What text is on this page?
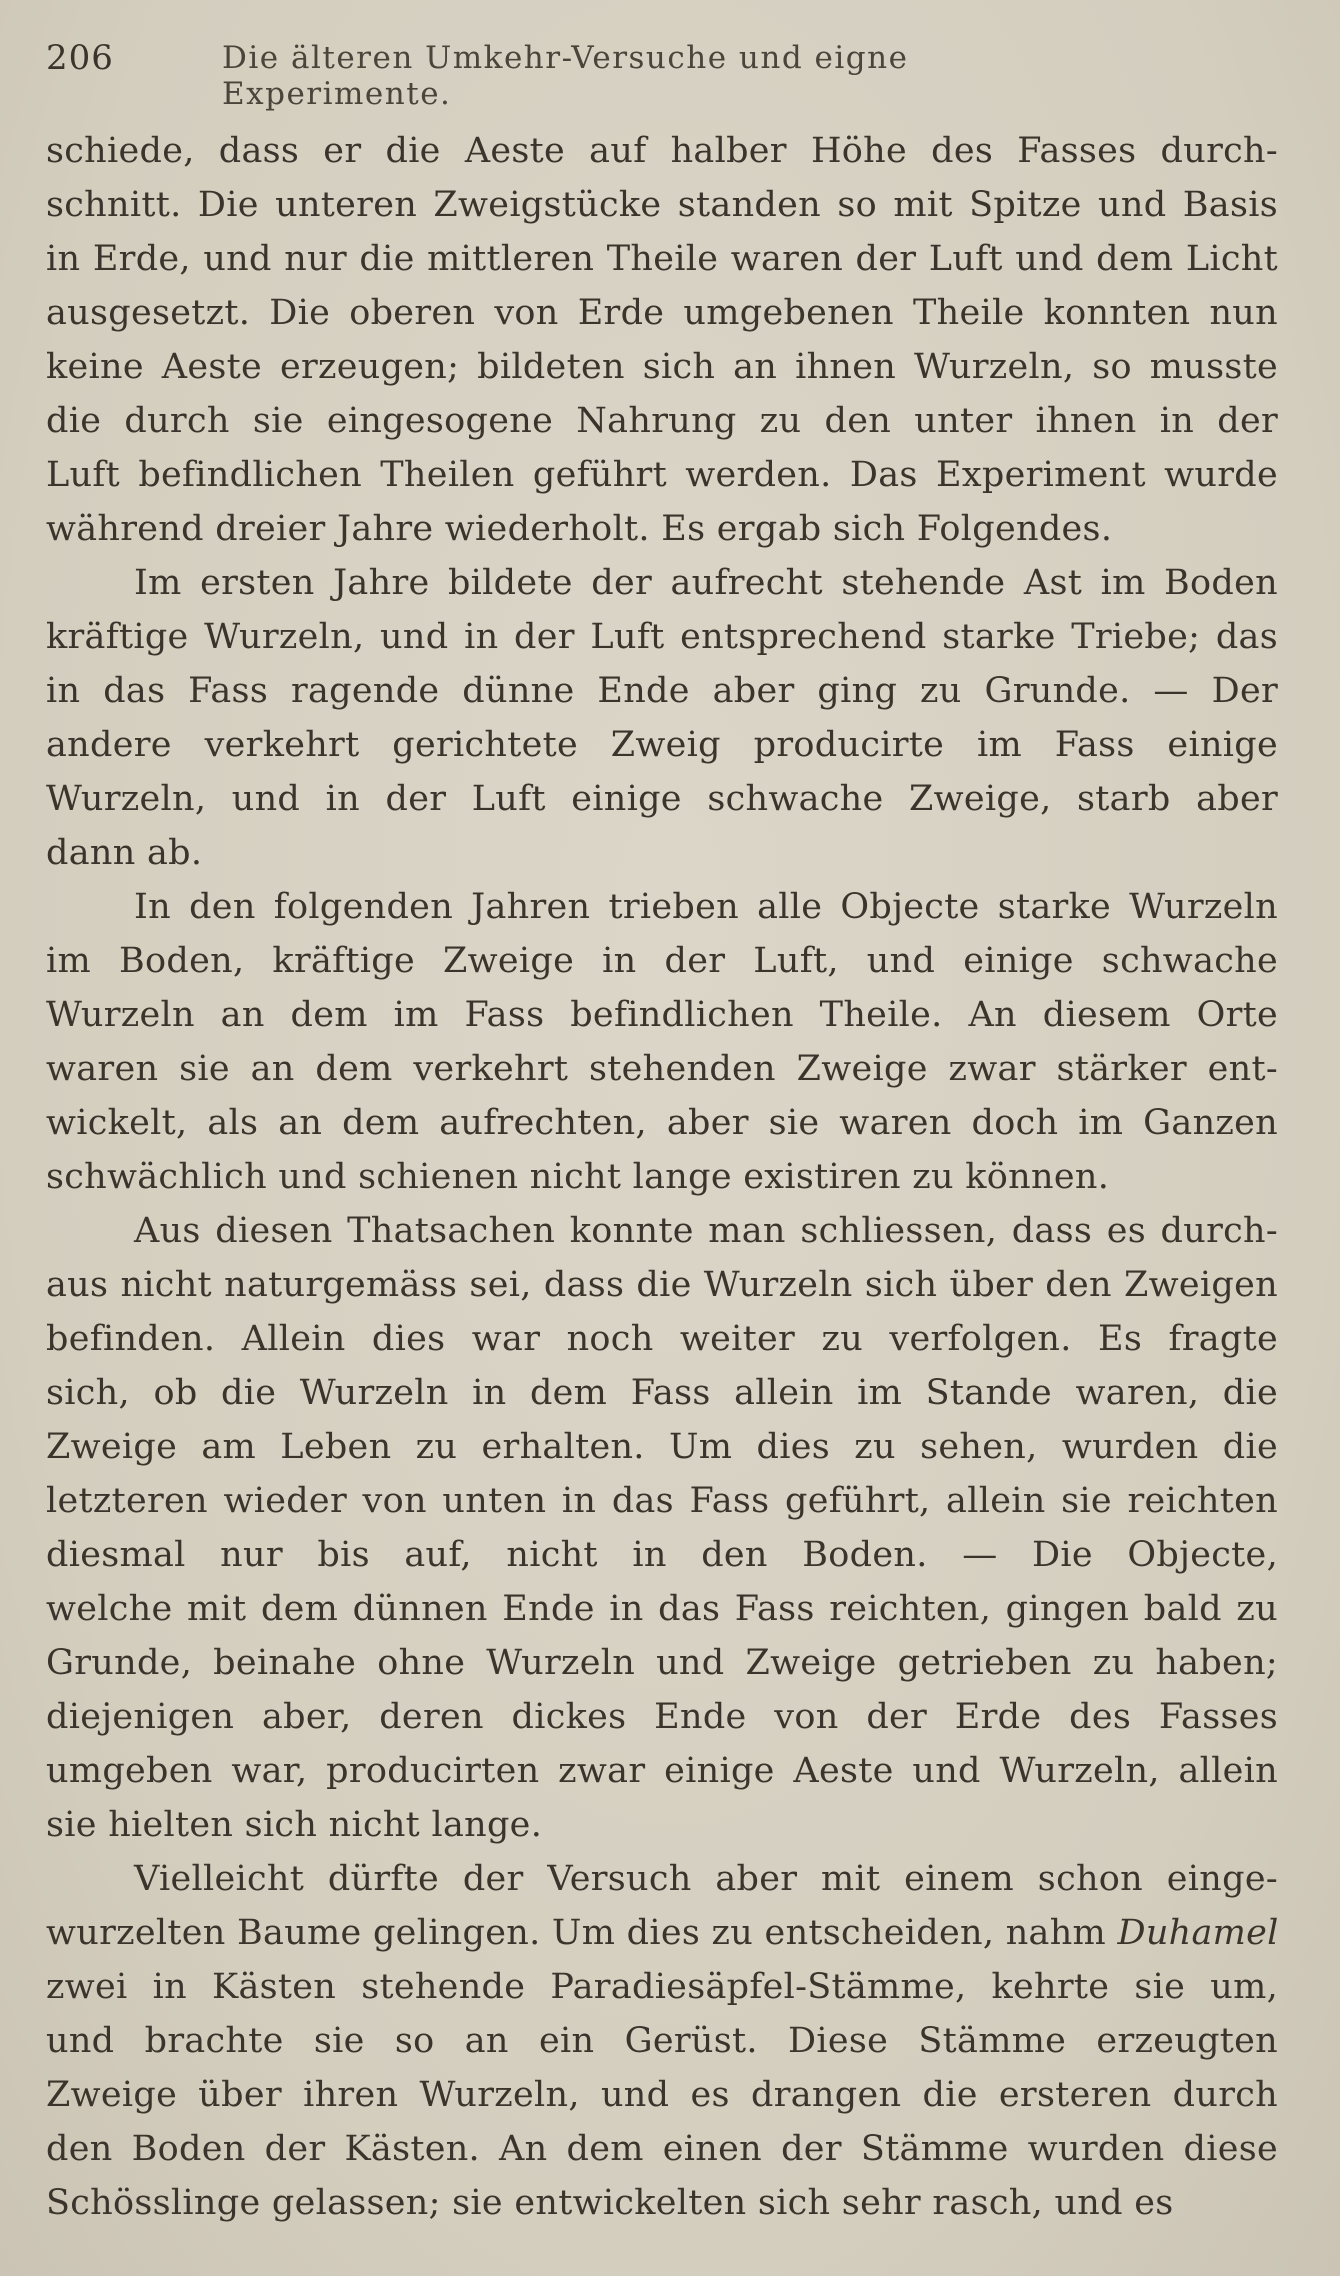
206	Die älteren Umkehr-Versuche und eigne Experimente.
schiede, dass er die Aeste auf halber Höhe des Fasses durch-
schnitt. Die unteren Zweigstücke standen so mit Spitze und Basis
in Erde, und nur die mittleren Theile waren der Luft und dem Licht
ausgesetzt. Die oberen von Erde umgebenen Theile konnten nun
keine Aeste erzeugen; bildeten sich an ihnen Wurzeln, so musste
die durch sie eingesogene Nahrung zu den unter ihnen in der
Luft befindlichen Theilen geführt werden. Das Experiment wurde
während dreier Jahre wiederholt. Es ergab sich Folgendes.
Im ersten Jahre bildete der aufrecht stehende Ast im Boden
kräftige Wurzeln, und in der Luft entsprechend starke Triebe; das
in das Fass ragende dünne Ende aber ging zu Grunde. — Der
andere verkehrt gerichtete Zweig producirte im Fass einige
Wurzeln, und in der Luft einige schwache Zweige, starb aber
dann ab.
In den folgenden Jahren trieben alle Objecte starke Wurzeln
im Boden, kräftige Zweige in der Luft, und einige schwache
Wurzeln an dem im Fass befindlichen Theile. An diesem Orte
waren sie an dem verkehrt stehenden Zweige zwar stärker ent-
wickelt, als an dem aufrechten, aber sie waren doch im Ganzen
schwächlich und schienen nicht lange existiren zu können.
Aus diesen Thatsachen konnte man schliessen, dass es durch-
aus nicht naturgemäss sei, dass die Wurzeln sich über den Zweigen
befinden. Allein dies war noch weiter zu verfolgen. Es fragte
sich, ob die Wurzeln in dem Fass allein im Stande waren, die
Zweige am Leben zu erhalten. Um dies zu sehen, wurden die
letzteren wieder von unten in das Fass geführt, allein sie reichten
diesmal nur bis auf, nicht in den Boden. — Die Objecte,
welche mit dem dünnen Ende in das Fass reichten, gingen bald zu
Grunde, beinahe ohne Wurzeln und Zweige getrieben zu haben;
diejenigen aber, deren dickes Ende von der Erde des Fasses
umgeben war, producirten zwar einige Aeste und Wurzeln, allein
sie hielten sich nicht lange.
Vielleicht dürfte der Versuch aber mit einem schon einge-
wurzelten Baume gelingen. Um dies zu entscheiden, nahm Duhamel
zwei in Kästen stehende Paradiesäpfel-Stämme, kehrte sie um,
und brachte sie so an ein Gerüst. Diese Stämme erzeugten
Zweige über ihren Wurzeln, und es drangen die ersteren durch
den Boden der Kästen. An dem einen der Stämme wurden diese
Schösslinge gelassen; sie entwickelten sich sehr rasch, und es
